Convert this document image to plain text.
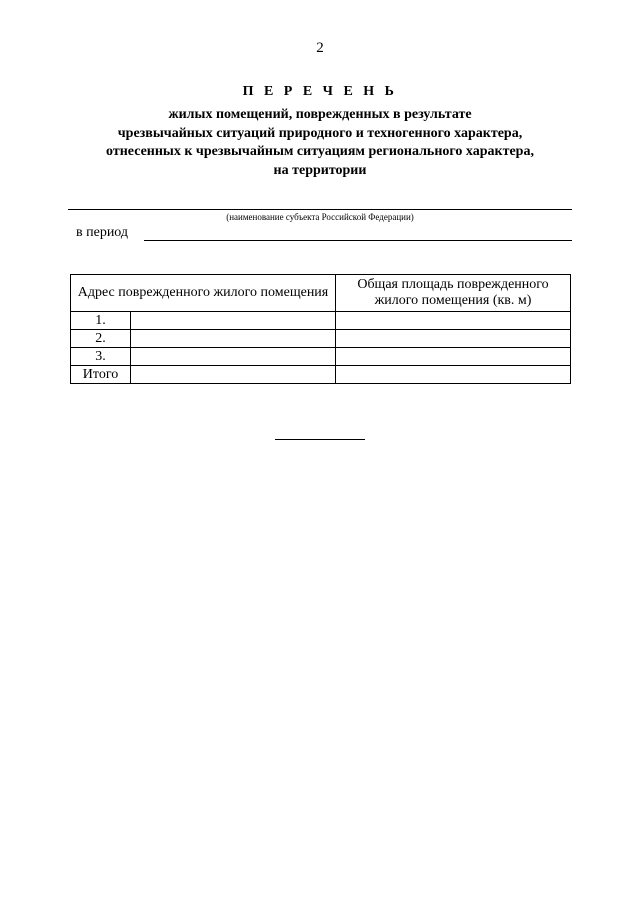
2
П Е Р Е Ч Е Н Ь
жилых помещений, поврежденных в результате
чрезвычайных ситуаций природного и техногенного характера,
отнесенных к чрезвычайным ситуациям регионального характера,
на территории
(наименование субъекта Российской Федерации)
в период
Адрес поврежденного жилого помещения		Общая площадь поврежденного жилого помещения (кв. м)
1.		
2.		
3.		
Итого		
